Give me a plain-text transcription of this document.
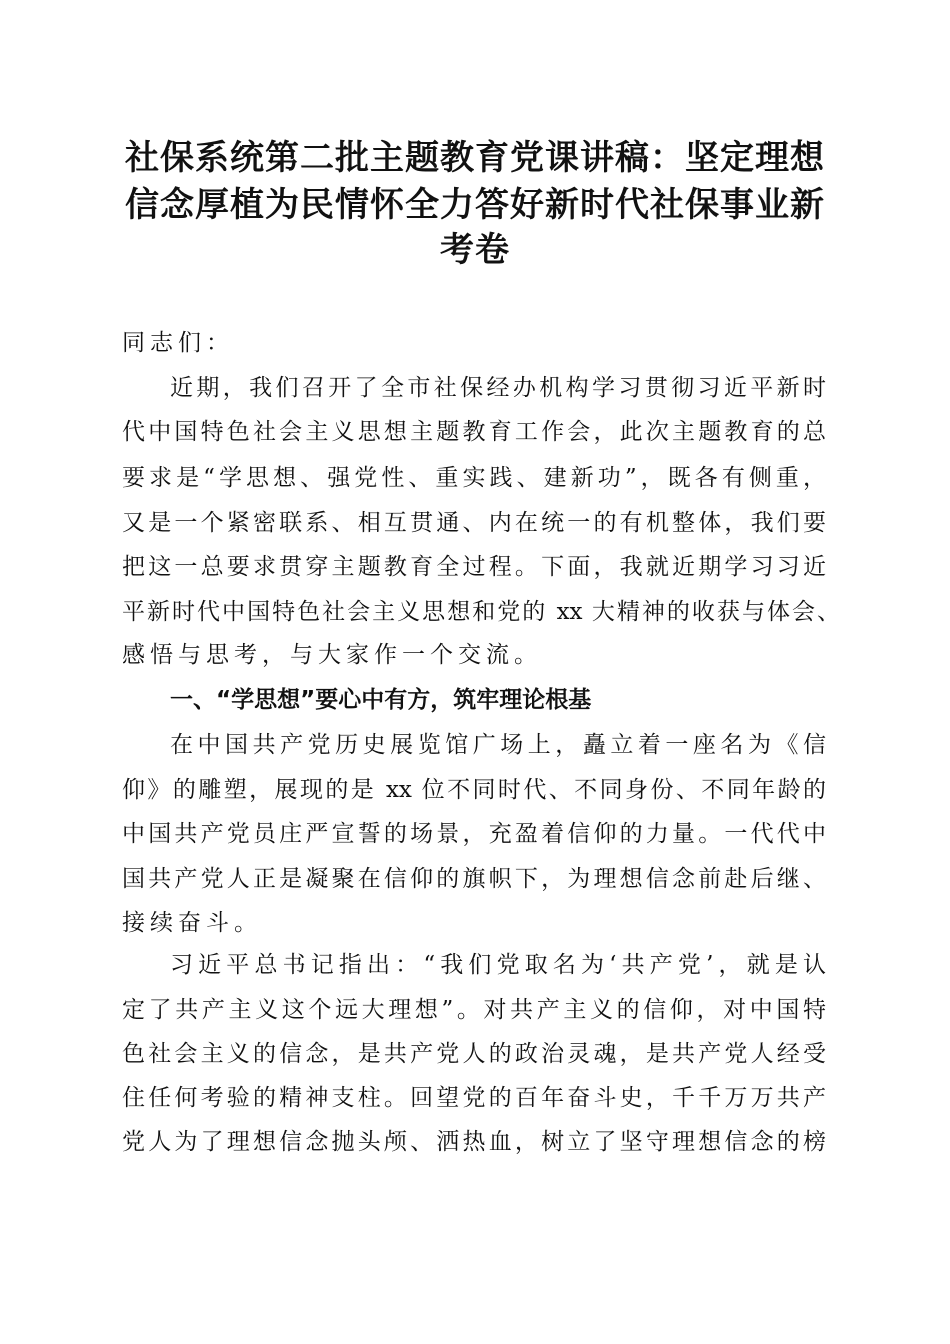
社保系统第二批主题教育党课讲稿：坚定理想
信念厚植为民情怀全力答好新时代社保事业新
考卷
同志们：
近期，我们召开了全市社保经办机构学习贯彻习近平新时
代中国特色社会主义思想主题教育工作会，此次主题教育的总
要求是“学思想、强党性、重实践、建新功”，既各有侧重，
又是一个紧密联系、相互贯通、内在统一的有机整体，我们要
把这一总要求贯穿主题教育全过程。下面，我就近期学习习近
平新时代中国特色社会主义思想和党的 xx 大精神的收获与体会、
感悟与思考，与大家作一个交流。
一、“学思想”要心中有方，筑牢理论根基
在中国共产党历史展览馆广场上，矗立着一座名为《信
仰》的雕塑，展现的是 xx 位不同时代、不同身份、不同年龄的
中国共产党员庄严宣誓的场景，充盈着信仰的力量。一代代中
国共产党人正是凝聚在信仰的旗帜下，为理想信念前赴后继、
接续奋斗。
习近平总书记指出：“我们党取名为‘共产党’，就是认
定了共产主义这个远大理想”。对共产主义的信仰，对中国特
色社会主义的信念，是共产党人的政治灵魂，是共产党人经受
住任何考验的精神支柱。回望党的百年奋斗史，千千万万共产
党人为了理想信念抛头颅、洒热血，树立了坚守理想信念的榜
